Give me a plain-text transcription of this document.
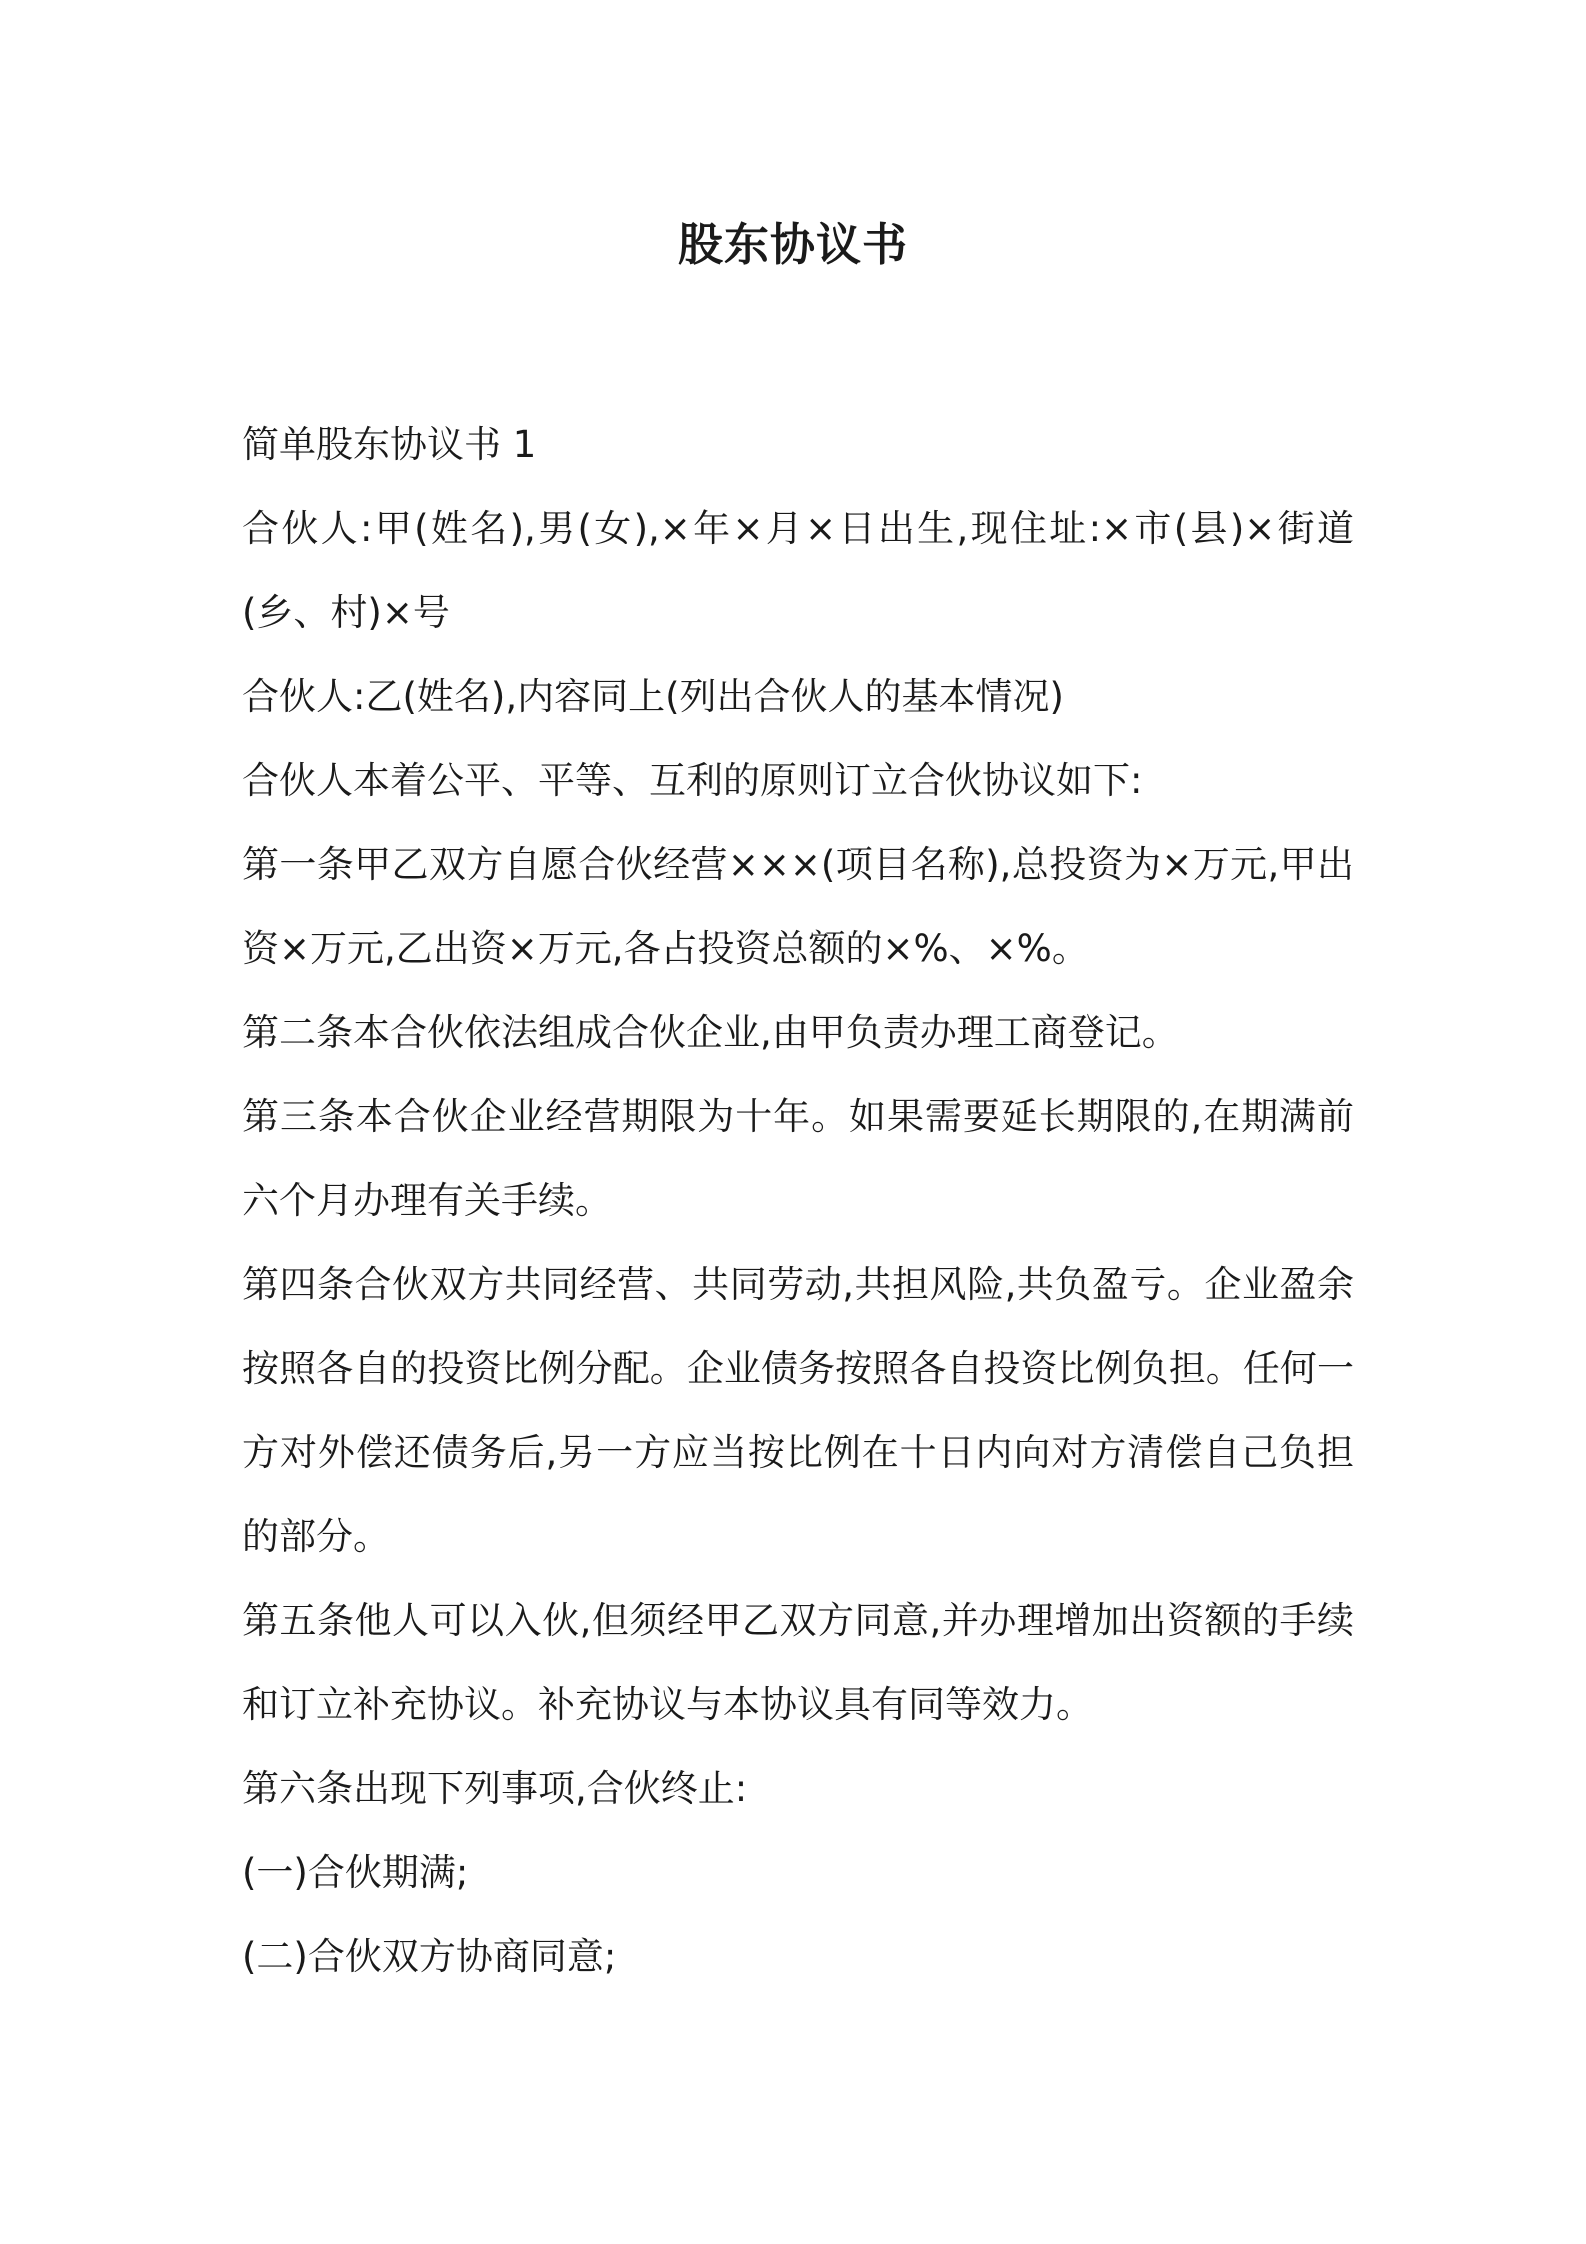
股东协议书

简单股东协议书 1

合伙人:甲(姓名),男(女),×年×月×日出生,现住址:×市(县)×街道(乡、村)×号

合伙人:乙(姓名),内容同上(列出合伙人的基本情况)

合伙人本着公平、平等、互利的原则订立合伙协议如下:

第一条甲乙双方自愿合伙经营×××(项目名称),总投资为×万元,甲出资×万元,乙出资×万元,各占投资总额的×%、×%。

第二条本合伙依法组成合伙企业,由甲负责办理工商登记。

第三条本合伙企业经营期限为十年。如果需要延长期限的,在期满前六个月办理有关手续。

第四条合伙双方共同经营、共同劳动,共担风险,共负盈亏。企业盈余按照各自的投资比例分配。企业债务按照各自投资比例负担。任何一方对外偿还债务后,另一方应当按比例在十日内向对方清偿自己负担的部分。

第五条他人可以入伙,但须经甲乙双方同意,并办理增加出资额的手续和订立补充协议。补充协议与本协议具有同等效力。

第六条出现下列事项,合伙终止:

(一)合伙期满;

(二)合伙双方协商同意;
